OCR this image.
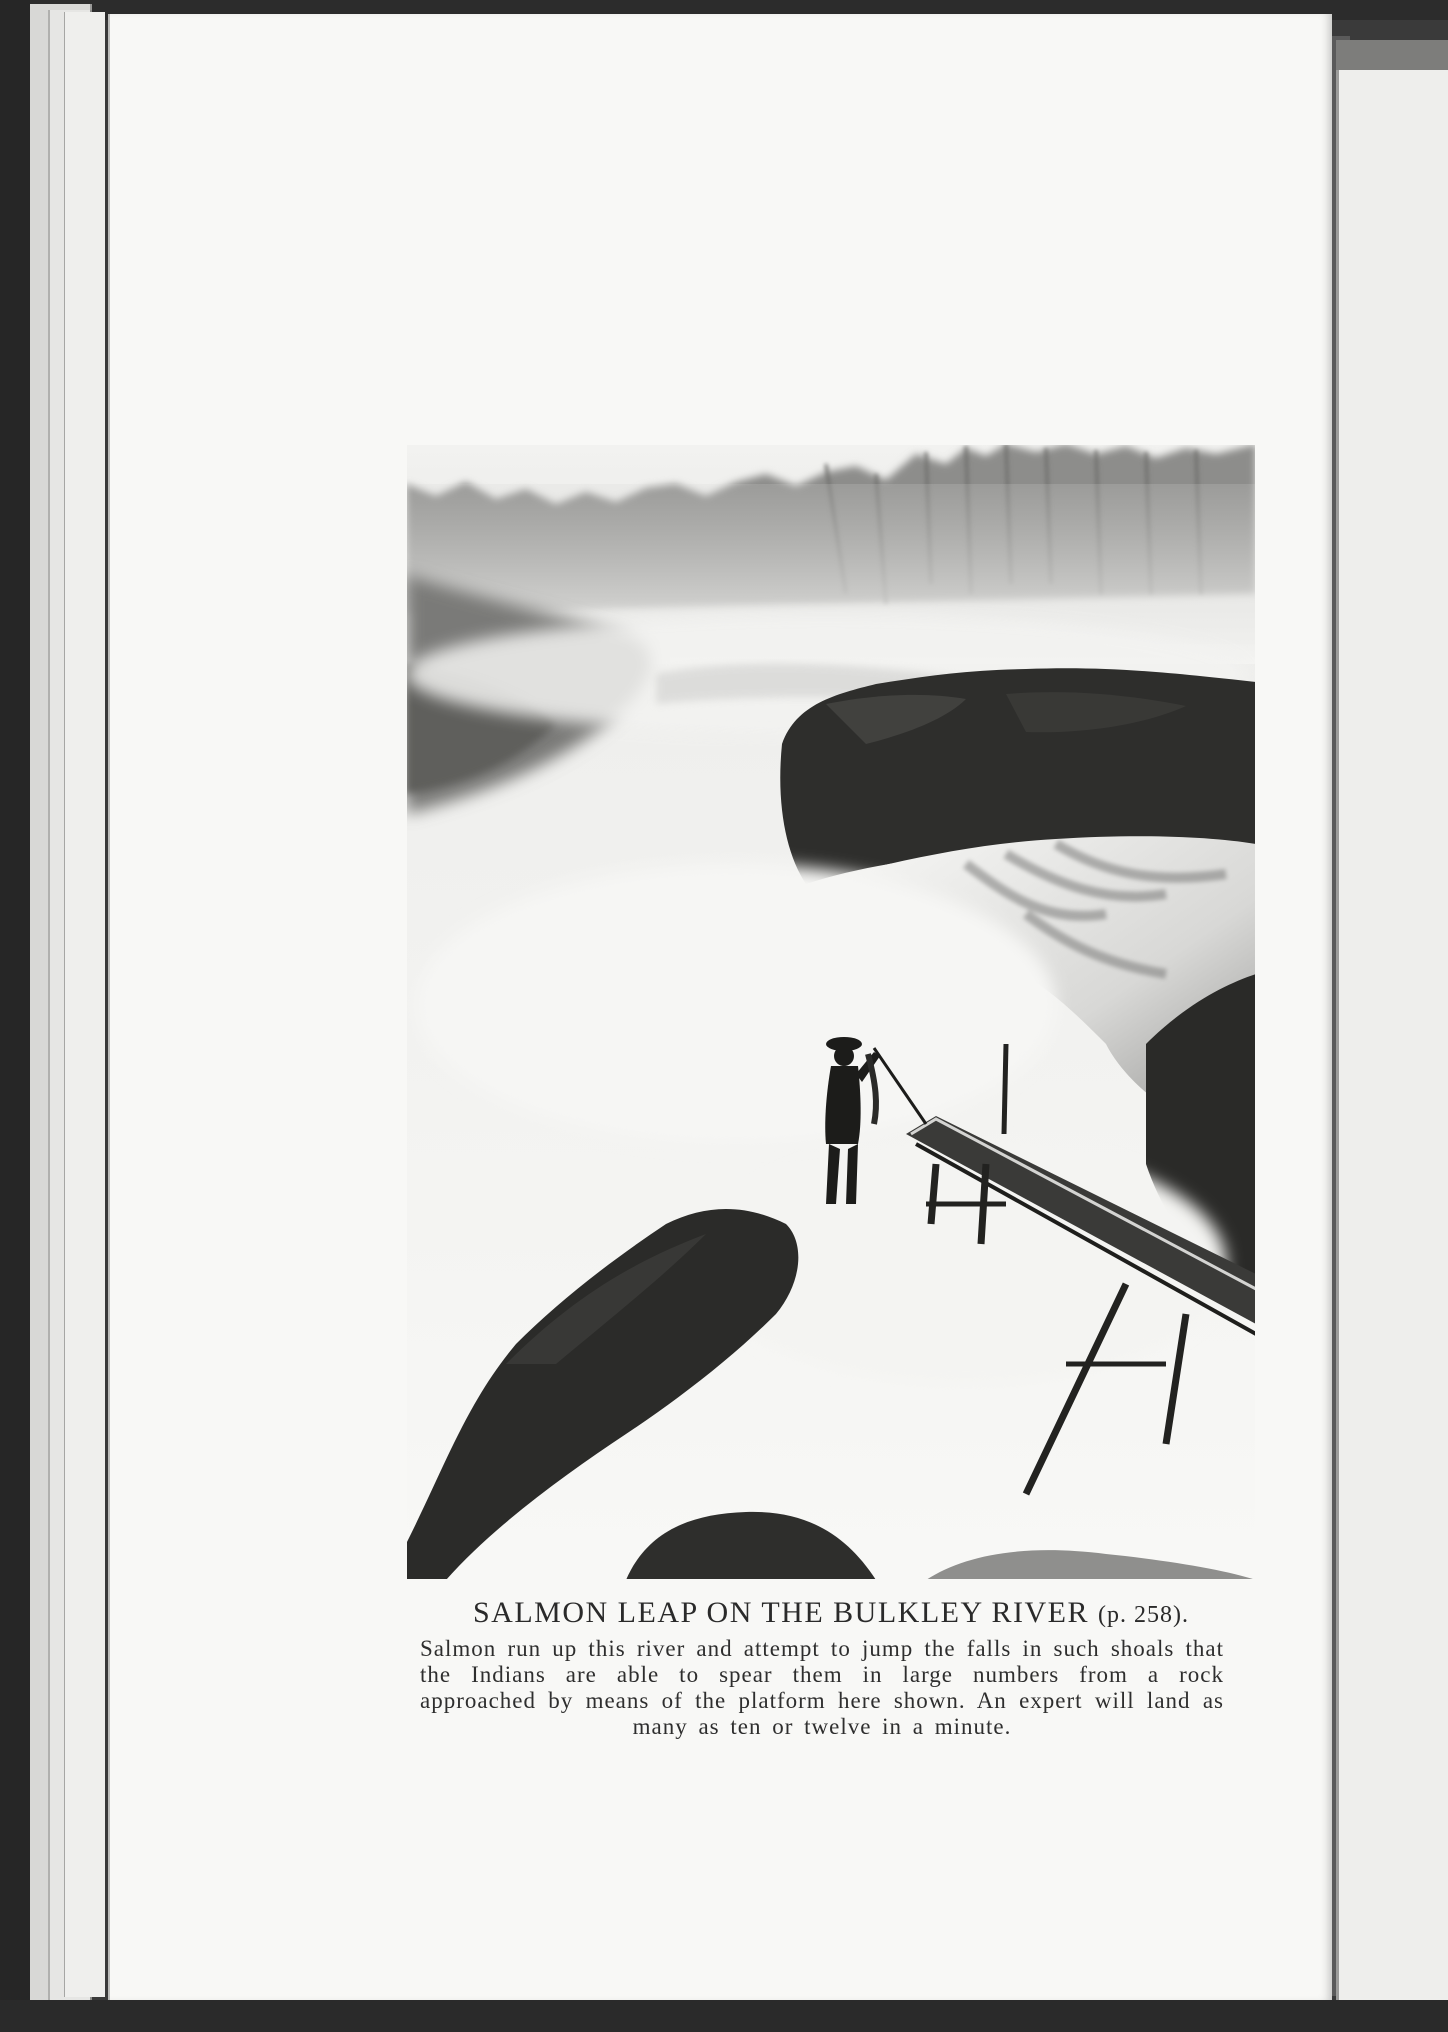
SALMON LEAP ON THE BULKLEY RIVER (p. 258).
Salmon run up this river and attempt to jump the falls in such shoals that the Indians are able to spear them in large numbers from a rock approached by means of the platform here shown. An expert will land as many as ten or twelve in a minute.
